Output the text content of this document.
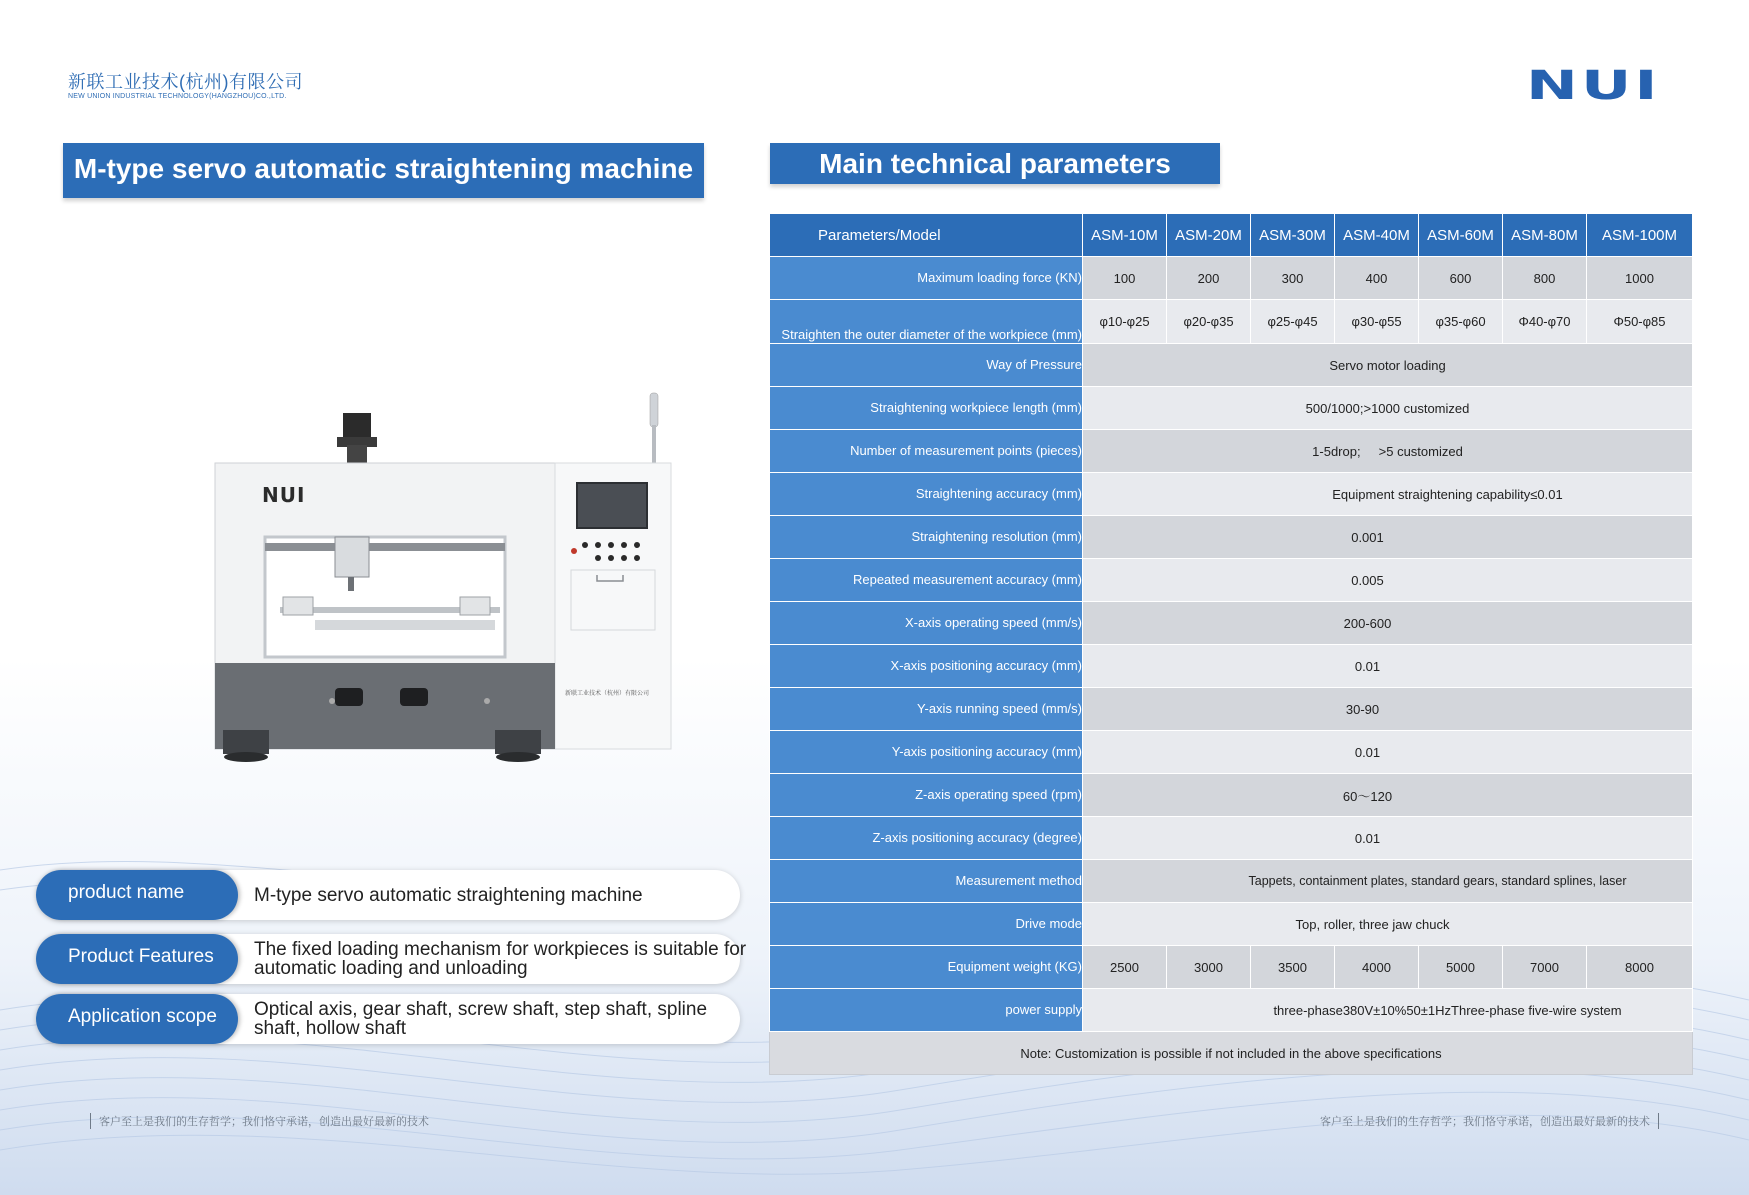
新联工业技术(杭州)有限公司
NEW UNION INDUSTRIAL TECHNOLOGY(HANGZHOU)CO.,LTD.	NUI
M-type servo automatic straightening machine	Main technical parameters
NUI
新联工业技术（杭州）有限公司
product name	M-type servo automatic straightening machine
Product Features	The fixed loading mechanism for workpieces is suitable for automatic loading and unloading
Application scope	Optical axis, gear shaft, screw shaft, step shaft, spline shaft, hollow shaft
Parameters/Model	ASM-10M	ASM-20M	ASM-30M	ASM-40M	ASM-60M	ASM-80M	ASM-100M
Maximum loading force (KN)	100	200	300	400	600	800	1000
Straighten the outer diameter of the workpiece (mm)	φ10-φ25	φ20-φ35	φ25-φ45	φ30-φ55	φ35-φ60	Φ40-φ70	Φ50-φ85
Way of Pressure	Servo motor loading						
Straightening workpiece length (mm)	500/1000;>1000 customized						
Number of measurement points (pieces)	1-5drop;     >5 customized						
Straightening accuracy (mm)	Equipment straightening capability≤0.01						
Straightening resolution (mm)	0.001						
Repeated measurement accuracy (mm)	0.005						
X-axis operating speed (mm/s)	200-600						
X-axis positioning accuracy (mm)	0.01						
Y-axis running speed (mm/s)	30-90						
Y-axis positioning accuracy (mm)	0.01						
Z-axis operating speed (rpm)	60～120						
Z-axis positioning accuracy (degree)	0.01						
Measurement method	Tappets, containment plates, standard gears, standard splines, laser						
Drive mode	Top, roller, three jaw chuck						
Equipment weight (KG)	2500	3000	3500	4000	5000	7000	8000
power supply	three-phase380V±10%50±1HzThree-phase five-wire system						
Note: Customization is possible if not included in the above specifications							
客户至上是我们的生存哲学；我们恪守承诺，创造出最好最新的技术	客户至上是我们的生存哲学；我们恪守承诺，创造出最好最新的技术
